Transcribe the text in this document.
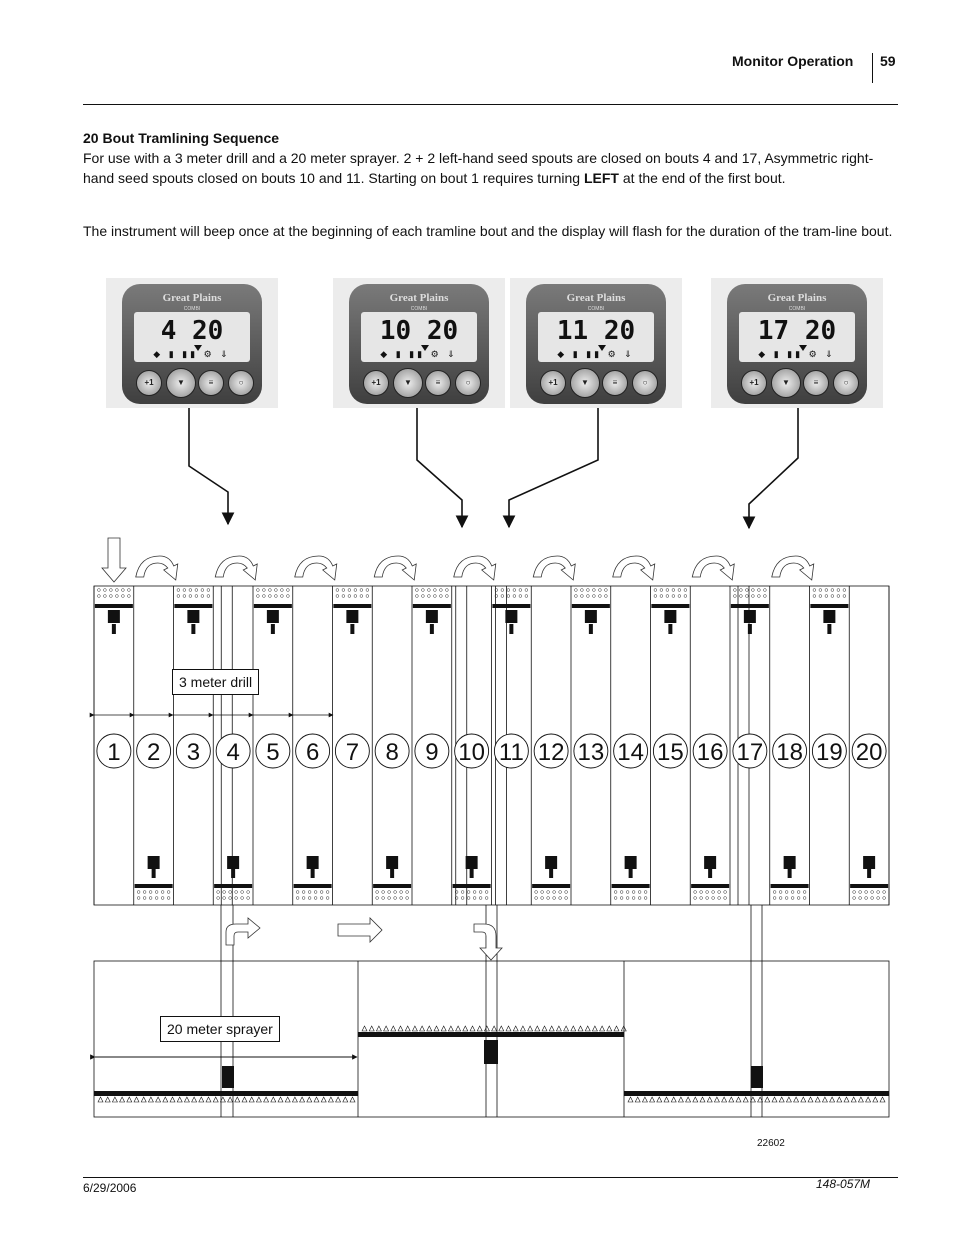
Monitor Operation 59
20 Bout Tramlining Sequence

For use with a 3 meter drill and a 20 meter sprayer. 2 + 2 left-hand seed spouts are closed on bouts 4 and 17, Asymmetric right-hand seed spouts closed on bouts 10 and 11. Starting on bout 1 requires turning LEFT at the end of the first bout.

The instrument will beep once at the beginning of each tramline bout and the display will flash for the duration of the tram-line bout.

Great Plains
COMBI
4 20
◆ ▮ ▮▮ ⚙ ⇓
+1	▼	≡	○
Great Plains
COMBI
10 20
◆ ▮ ▮▮ ⚙ ⇓
+1	▼	≡	○
Great Plains
COMBI
11 20
◆ ▮ ▮▮ ⚙ ⇓
+1	▼	≡	○
Great Plains
COMBI
17 20
◆ ▮ ▮▮ ⚙ ⇓
+1	▼	≡	○
1 2 3 4 5 6 7 8 9 10 11 12 13 14 15 16 17 18 19 20
3 meter drill
20 meter sprayer
22602
6/29/2006	148-057M
